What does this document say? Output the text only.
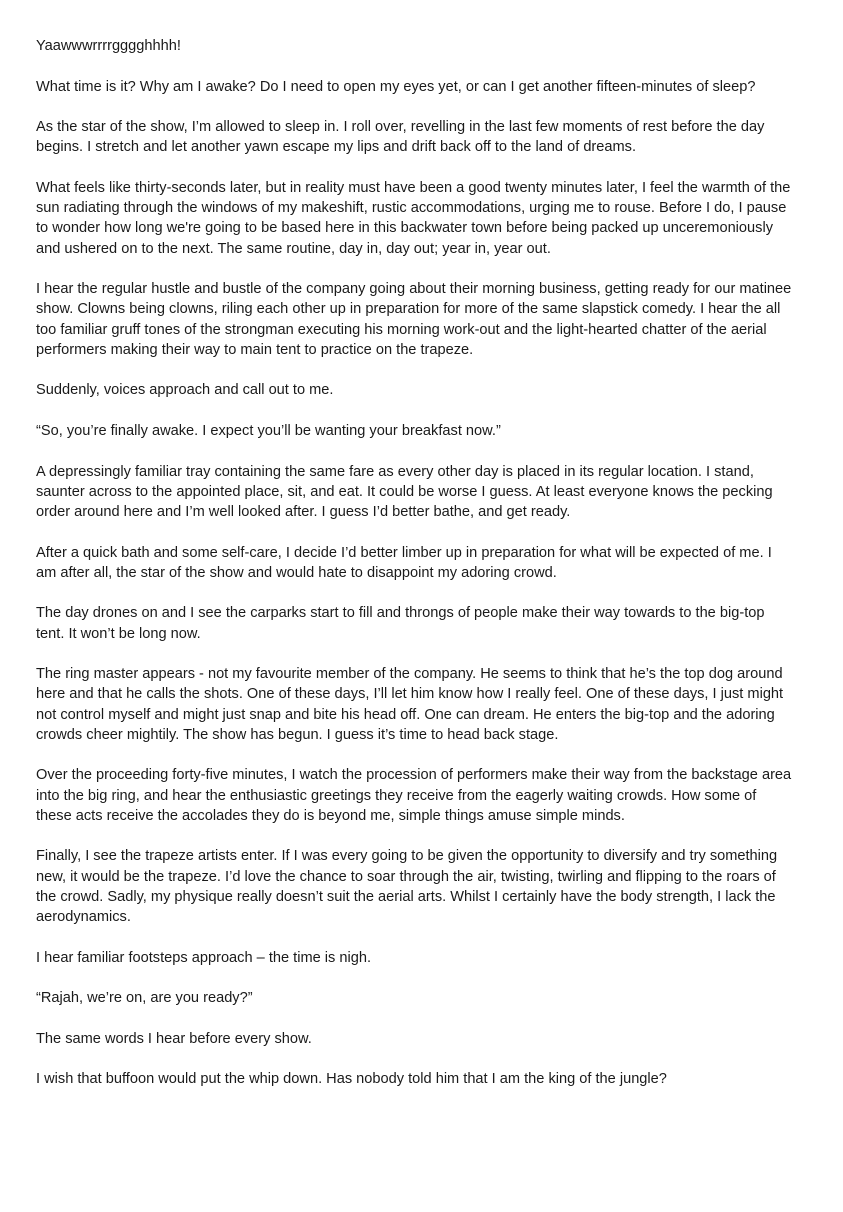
Yaawwwrrrrgggghhhh!

What time is it? Why am I awake? Do I need to open my eyes yet, or can I get another fifteen-minutes of sleep?

As the star of the show, I’m allowed to sleep in. I roll over, revelling in the last few moments of rest before the day begins. I stretch and let another yawn escape my lips and drift back off to the land of dreams.

What feels like thirty-seconds later, but in reality must have been a good twenty minutes later, I feel the warmth of the sun radiating through the windows of my makeshift, rustic accommodations, urging me to rouse. Before I do, I pause to wonder how long we're going to be based here in this backwater town before being packed up unceremoniously and ushered on to the next. The same routine, day in, day out; year in, year out.

I hear the regular hustle and bustle of the company going about their morning business, getting ready for our matinee show. Clowns being clowns, riling each other up in preparation for more of the same slapstick comedy. I hear the all too familiar gruff tones of the strongman executing his morning work-out and the light-hearted chatter of the aerial performers making their way to main tent to practice on the trapeze.

Suddenly, voices approach and call out to me.

“So, you’re finally awake. I expect you’ll be wanting your breakfast now.”

A depressingly familiar tray containing the same fare as every other day is placed in its regular location. I stand, saunter across to the appointed place, sit, and eat. It could be worse I guess. At least everyone knows the pecking order around here and I’m well looked after. I guess I’d better bathe, and get ready.

After a quick bath and some self-care, I decide I’d better limber up in preparation for what will be expected of me. I am after all, the star of the show and would hate to disappoint my adoring crowd.

The day drones on and I see the carparks start to fill and throngs of people make their way towards to the big-top tent. It won’t be long now.

The ring master appears - not my favourite member of the company. He seems to think that he’s the top dog around here and that he calls the shots. One of these days, I’ll let him know how I really feel. One of these days, I just might not control myself and might just snap and bite his head off. One can dream. He enters the big-top and the adoring crowds cheer mightily. The show has begun. I guess it’s time to head back stage.

Over the proceeding forty-five minutes, I watch the procession of performers make their way from the backstage area into the big ring, and hear the enthusiastic greetings they receive from the eagerly waiting crowds. How some of these acts receive the accolades they do is beyond me, simple things amuse simple minds.

Finally, I see the trapeze artists enter. If I was every going to be given the opportunity to diversify and try something new, it would be the trapeze. I’d love the chance to soar through the air, twisting, twirling and flipping to the roars of the crowd. Sadly, my physique really doesn’t suit the aerial arts. Whilst I certainly have the body strength, I lack the aerodynamics.

I hear familiar footsteps approach – the time is nigh.

“Rajah, we’re on, are you ready?”

The same words I hear before every show.

I wish that buffoon would put the whip down. Has nobody told him that I am the king of the jungle?
